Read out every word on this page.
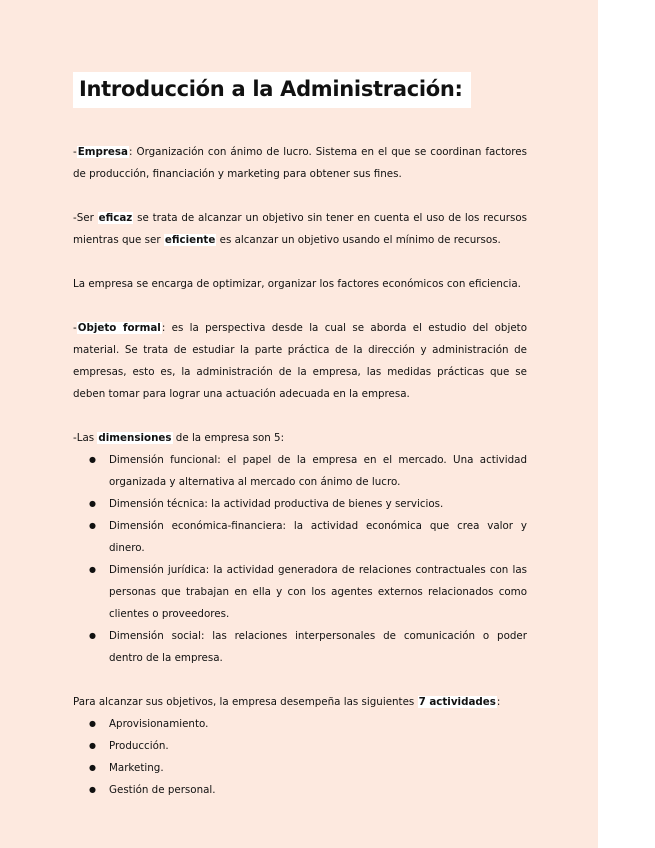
Introducción a la Administración:

-Empresa: Organización con ánimo de lucro. Sistema en el que se coordinan factores de producción, financiación y marketing para obtener sus fines.

-Ser eficaz se trata de alcanzar un objetivo sin tener en cuenta el uso de los recursos mientras que ser eficiente es alcanzar un objetivo usando el mínimo de recursos.

La empresa se encarga de optimizar, organizar los factores económicos con eficiencia.

-Objeto formal: es la perspectiva desde la cual se aborda el estudio del objeto material. Se trata de estudiar la parte práctica de la dirección y administración de empresas, esto es, la administración de la empresa, las medidas prácticas que se deben tomar para lograr una actuación adecuada en la empresa.

-Las dimensiones de la empresa son 5:

● Dimensión funcional: el papel de la empresa en el mercado. Una actividad organizada y alternativa al mercado con ánimo de lucro.
● Dimensión técnica: la actividad productiva de bienes y servicios.
● Dimensión económica-financiera: la actividad económica que crea valor y dinero.
● Dimensión jurídica: la actividad generadora de relaciones contractuales con las personas que trabajan en ella y con los agentes externos relacionados como clientes o proveedores.
● Dimensión social: las relaciones interpersonales de comunicación o poder dentro de la empresa.

Para alcanzar sus objetivos, la empresa desempeña las siguientes 7 actividades:

● Aprovisionamiento.
● Producción.
● Marketing.
● Gestión de personal.
